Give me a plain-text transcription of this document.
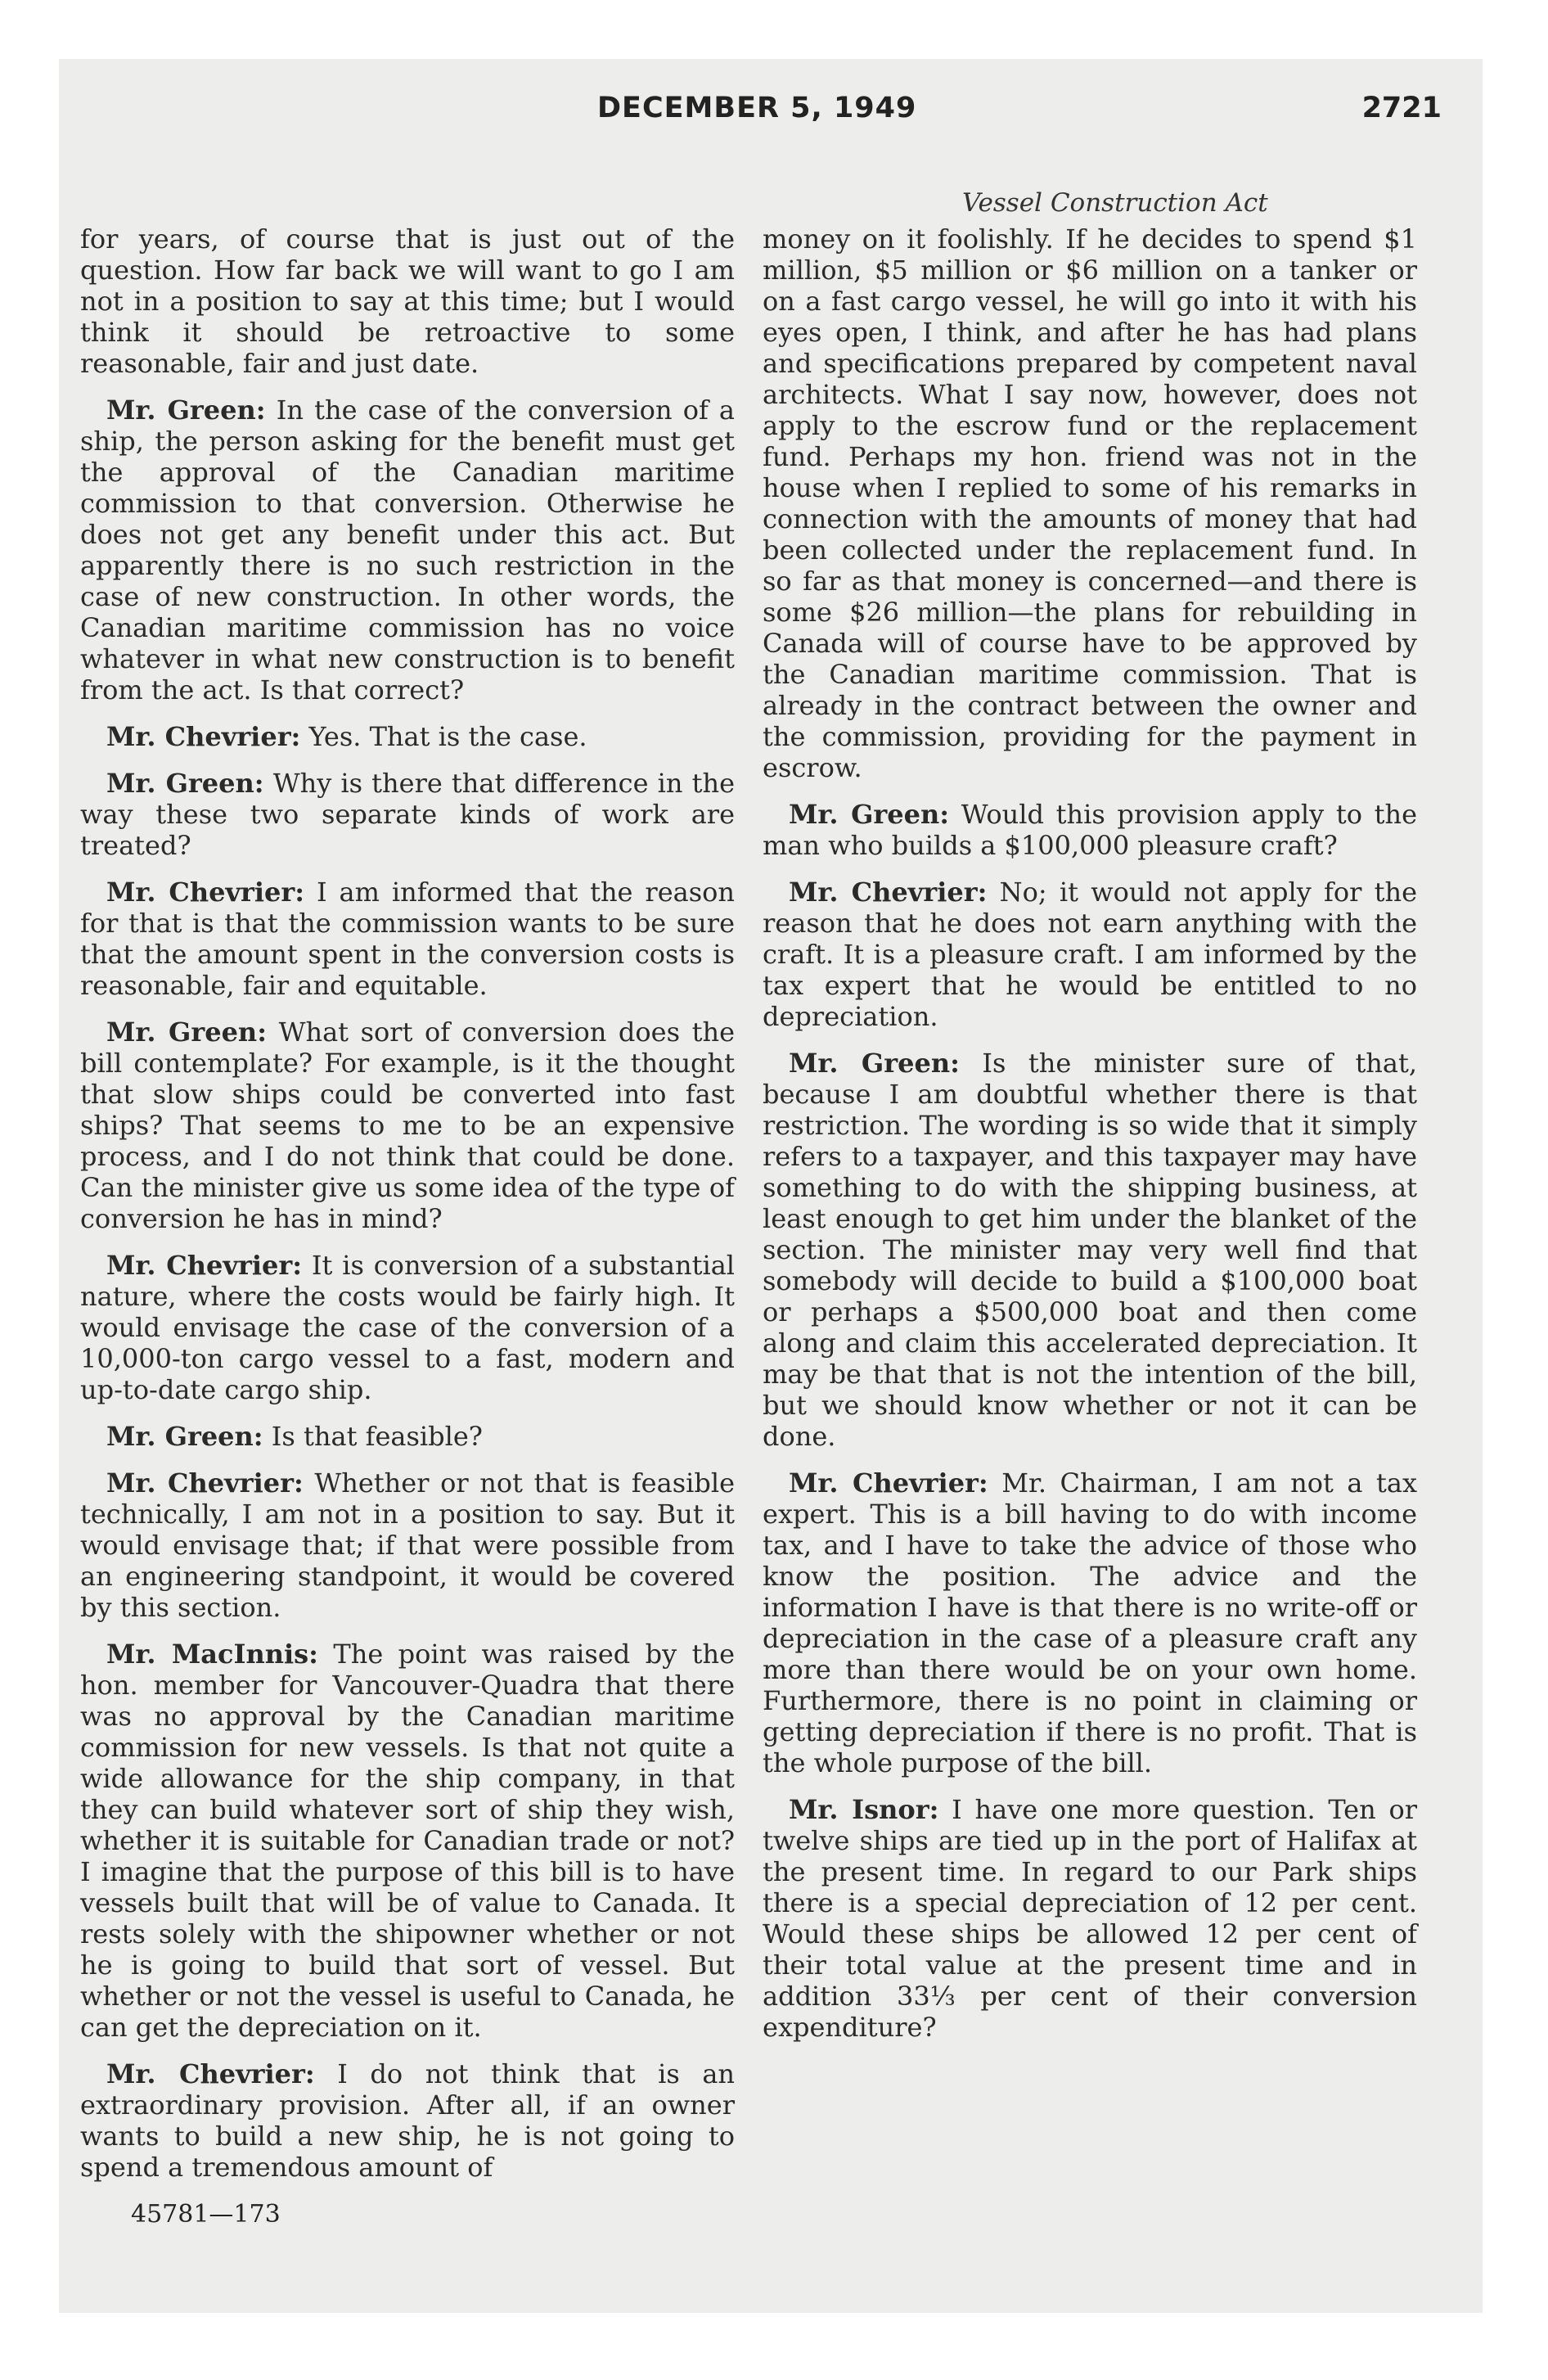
DECEMBER 5, 1949	2721
Vessel Construction Act

for years, of course that is just out of the question. How far back we will want to go I am not in a position to say at this time; but I would think it should be retroactive to some reasonable, fair and just date.

Mr. Green: In the case of the conversion of a ship, the person asking for the benefit must get the approval of the Canadian maritime commission to that conversion. Otherwise he does not get any benefit under this act. But apparently there is no such restriction in the case of new construction. In other words, the Canadian maritime commission has no voice whatever in what new construction is to benefit from the act. Is that correct?

Mr. Chevrier: Yes. That is the case.

Mr. Green: Why is there that difference in the way these two separate kinds of work are treated?

Mr. Chevrier: I am informed that the reason for that is that the commission wants to be sure that the amount spent in the conversion costs is reasonable, fair and equitable.

Mr. Green: What sort of conversion does the bill contemplate? For example, is it the thought that slow ships could be converted into fast ships? That seems to me to be an expensive process, and I do not think that could be done. Can the minister give us some idea of the type of conversion he has in mind?

Mr. Chevrier: It is conversion of a substantial nature, where the costs would be fairly high. It would envisage the case of the conversion of a 10,000-ton cargo vessel to a fast, modern and up-to-date cargo ship.

Mr. Green: Is that feasible?

Mr. Chevrier: Whether or not that is feasible technically, I am not in a position to say. But it would envisage that; if that were possible from an engineering standpoint, it would be covered by this section.

Mr. MacInnis: The point was raised by the hon. member for Vancouver-Quadra that there was no approval by the Canadian maritime commission for new vessels. Is that not quite a wide allowance for the ship company, in that they can build whatever sort of ship they wish, whether it is suitable for Canadian trade or not? I imagine that the purpose of this bill is to have vessels built that will be of value to Canada. It rests solely with the shipowner whether or not he is going to build that sort of vessel. But whether or not the vessel is useful to Canada, he can get the depreciation on it.

Mr. Chevrier: I do not think that is an extraordinary provision. After all, if an owner wants to build a new ship, he is not going to spend a tremendous amount of

money on it foolishly. If he decides to spend $1 million, $5 million or $6 million on a tanker or on a fast cargo vessel, he will go into it with his eyes open, I think, and after he has had plans and specifications prepared by competent naval architects. What I say now, however, does not apply to the escrow fund or the replacement fund. Perhaps my hon. friend was not in the house when I replied to some of his remarks in connection with the amounts of money that had been collected under the replacement fund. In so far as that money is concerned—and there is some $26 million—the plans for rebuilding in Canada will of course have to be approved by the Canadian maritime commission. That is already in the contract between the owner and the commission, providing for the payment in escrow.

Mr. Green: Would this provision apply to the man who builds a $100,000 pleasure craft?

Mr. Chevrier: No; it would not apply for the reason that he does not earn anything with the craft. It is a pleasure craft. I am informed by the tax expert that he would be entitled to no depreciation.

Mr. Green: Is the minister sure of that, because I am doubtful whether there is that restriction. The wording is so wide that it simply refers to a taxpayer, and this taxpayer may have something to do with the shipping business, at least enough to get him under the blanket of the section. The minister may very well find that somebody will decide to build a $100,000 boat or perhaps a $500,000 boat and then come along and claim this accelerated depreciation. It may be that that is not the intention of the bill, but we should know whether or not it can be done.

Mr. Chevrier: Mr. Chairman, I am not a tax expert. This is a bill having to do with income tax, and I have to take the advice of those who know the position. The advice and the information I have is that there is no write-off or depreciation in the case of a pleasure craft any more than there would be on your own home. Furthermore, there is no point in claiming or getting depreciation if there is no profit. That is the whole purpose of the bill.

Mr. Isnor: I have one more question. Ten or twelve ships are tied up in the port of Halifax at the present time. In regard to our Park ships there is a special depreciation of 12 per cent. Would these ships be allowed 12 per cent of their total value at the present time and in addition 33⅓ per cent of their conversion expenditure?

45781—173
